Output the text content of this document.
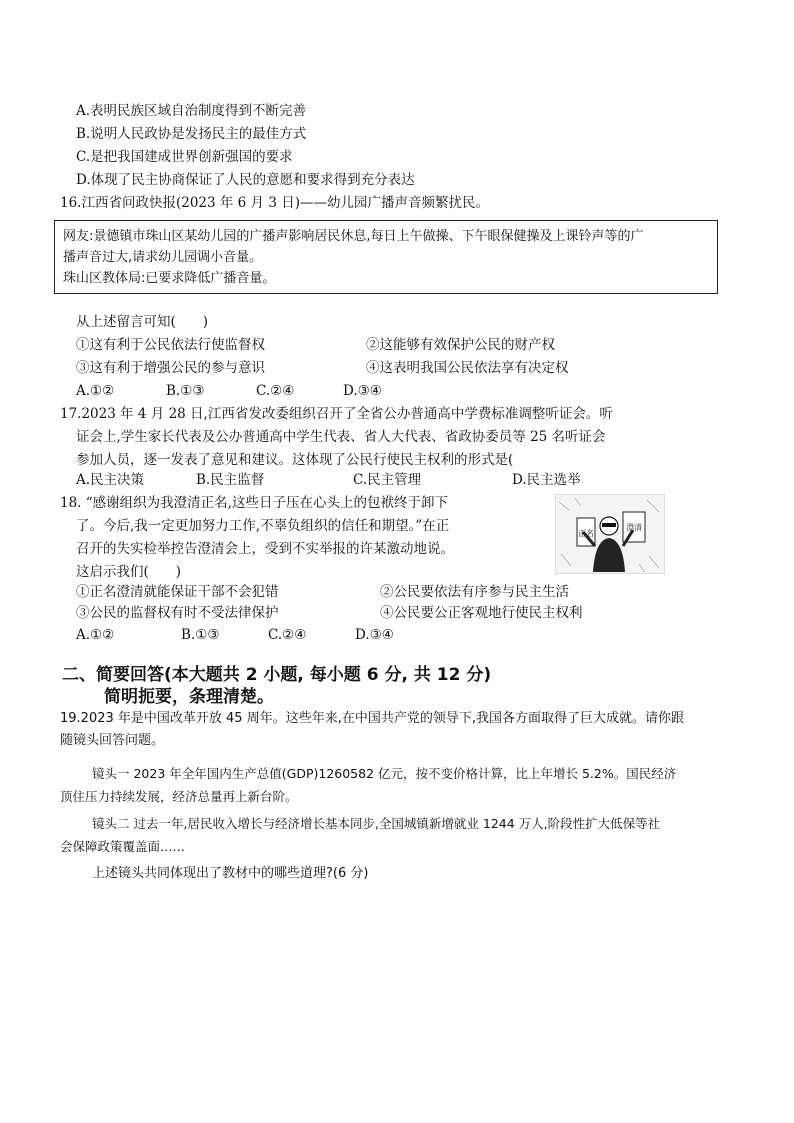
A.表明民族区域自治制度得到不断完善
B.说明人民政协是发扬民主的最佳方式
C.是把我国建成世界创新强国的要求
D.体现了民主协商保证了人民的意愿和要求得到充分表达
16.江西省问政快报(2023 年 6 月 3 日)——幼儿园广播声音频繁扰民。
网友:景德镇市珠山区某幼儿园的广播声影响居民休息,每日上午做操、下午眼保健操及上课铃声等的广
播声音过大,请求幼儿园调小音量。
珠山区教体局:已要求降低广播音量。
从上述留言可知(　　)
①这有利于公民依法行使监督权	②这能够有效保护公民的财产权
③这有利于增强公民的参与意识	④这表明我国公民依法享有决定权
A.①②	B.①③	C.②④	D.③④
17.2023 年 4 月 28 日,江西省发改委组织召开了全省公办普通高中学费标准调整听证会。听
证会上,学生家长代表及公办普通高中学生代表、省人大代表、省政协委员等 25 名听证会
参加人员，逐一发表了意见和建议。这体现了公民行使民主权利的形式是(
A.民主决策	B.民主监督	C.民主管理	D.民主选举
18. “感谢组织为我澄清正名,这些日子压在心头上的包袱终于卸下
了。今后,我一定更加努力工作,不辜负组织的信任和期望。”在正
召开的失实检举控告澄清会上，受到不实举报的许某激动地说。
正名
澄清
这启示我们(　　)
①正名澄清就能保证干部不会犯错	②公民要依法有序参与民主生活
③公民的监督权有时不受法律保护	④公民要公正客观地行使民主权利
A.①②	B.①③	C.②④	D.③④
二、简要回答(本大题共 2 小题, 每小题 6 分, 共 12 分)
简明扼要，条理清楚。
19.2023 年是中国改革开放 45 周年。这些年来,在中国共产党的领导下,我国各方面取得了巨大成就。请你跟
随镜头回答问题。
镜头一 2023 年全年国内生产总值(GDP)1260582 亿元，按不变价格计算，比上年增长 5.2%。国民经济
顶住压力持续发展，经济总量再上新台阶。
镜头二 过去一年,居民收入增长与经济增长基本同步,全国城镇新增就业 1244 万人,阶段性扩大低保等社
会保障政策覆盖面……
上述镜头共同体现出了教材中的哪些道理?(6 分)
